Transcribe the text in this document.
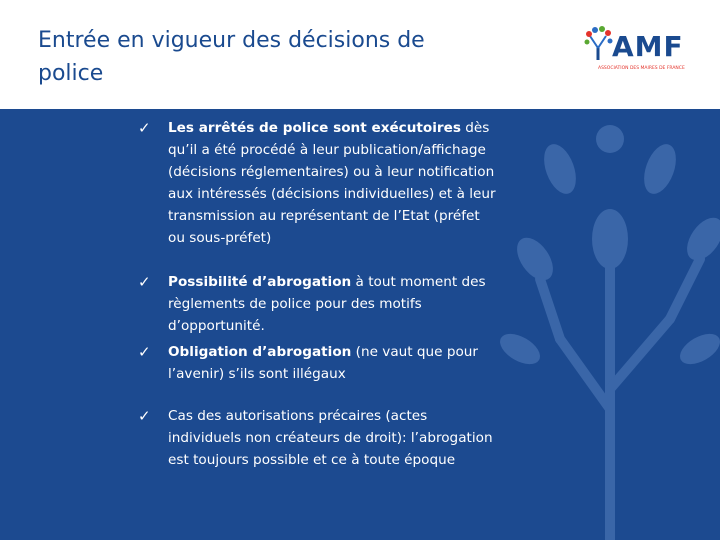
Entrée en vigueur des décisions de police
AMF
ASSOCIATION DES MAIRES DE FRANCE
✓ Les arrêtés de police sont exécutoires dès qu’il a été procédé à leur publication/affichage (décisions réglementaires) ou à leur notification aux intéressés (décisions individuelles) et à leur transmission au représentant de l’Etat (préfet ou sous-préfet)
✓ Possibilité d’abrogation à tout moment des règlements de police pour des motifs d’opportunité.
✓ Obligation d’abrogation (ne vaut que pour l’avenir) s’ils sont illégaux
✓ Cas des autorisations précaires (actes individuels non créateurs de droit): l’abrogation est toujours possible et ce à toute époque
